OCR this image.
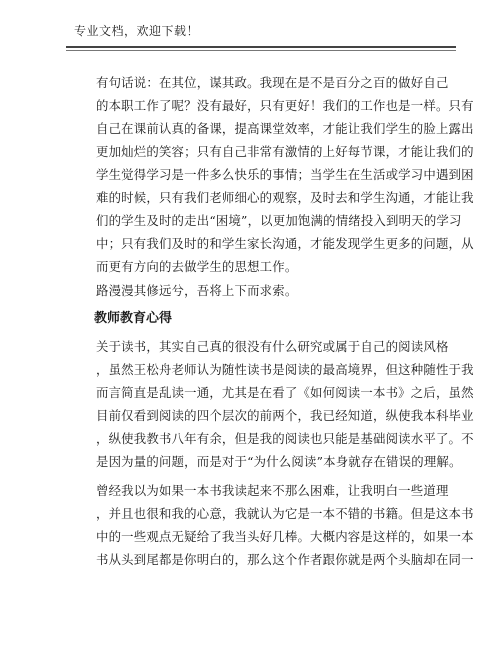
专业文档，欢迎下载！

有句话说：在其位，谋其政。我现在是不是百分之百的做好自己
的本职工作了呢？没有最好，只有更好！我们的工作也是一样。只有
自己在课前认真的备课，提高课堂效率，才能让我们学生的脸上露出
更加灿烂的笑容；只有自己非常有激情的上好每节课，才能让我们的
学生觉得学习是一件多么快乐的事情；当学生在生活或学习中遇到困
难的时候，只有我们老师细心的观察，及时去和学生沟通，才能让我
们的学生及时的走出“困境”，以更加饱满的情绪投入到明天的学习
中；只有我们及时的和学生家长沟通，才能发现学生更多的问题，从
而更有方向的去做学生的思想工作。

路漫漫其修远兮，吾将上下而求索。

教师教育心得

关于读书，其实自己真的很没有什么研究或属于自己的阅读风格
，虽然王松舟老师认为随性读书是阅读的最高境界，但这种随性于我
而言简直是乱读一通，尤其是在看了《如何阅读一本书》之后，虽然
目前仅看到阅读的四个层次的前两个，我已经知道，纵使我本科毕业
，纵使我教书八年有余，但是我的阅读也只能是基础阅读水平了。不
是因为量的问题，而是对于“为什么阅读”本身就存在错误的理解。

曾经我以为如果一本书我读起来不那么困难，让我明白一些道理
，并且也很和我的心意，我就认为它是一本不错的书籍。但是这本书
中的一些观点无疑给了我当头好几棒。大概内容是这样的，如果一本
书从头到尾都是你明白的，那么这个作者跟你就是两个头脑却在同一
